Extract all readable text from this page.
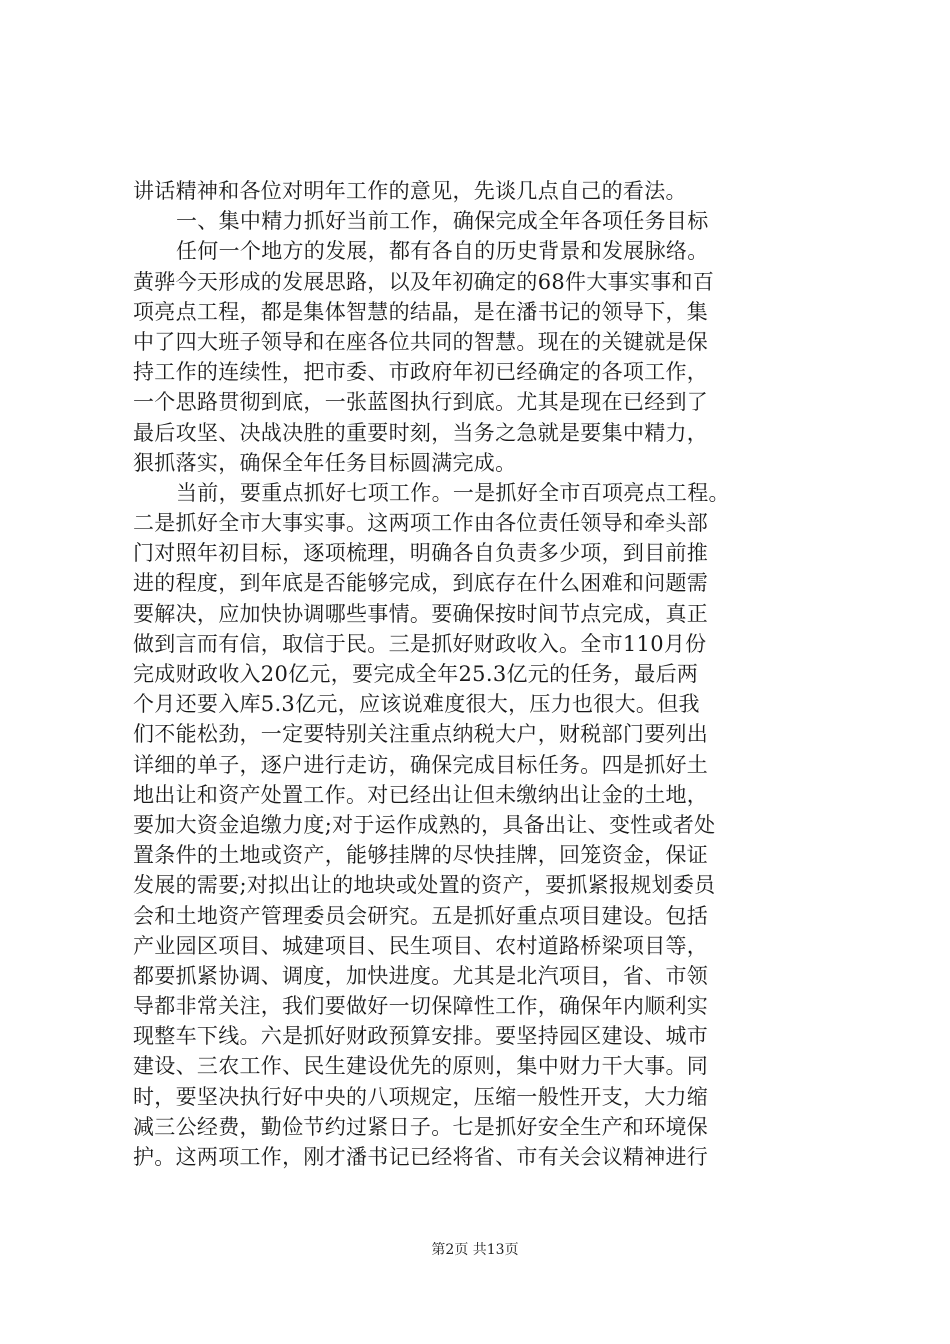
讲话精神和各位对明年工作的意见，先谈几点自己的看法。
一、集中精力抓好当前工作，确保完成全年各项任务目标
任何一个地方的发展，都有各自的历史背景和发展脉络。
黄骅今天形成的发展思路，以及年初确定的68件大事实事和百
项亮点工程，都是集体智慧的结晶，是在潘书记的领导下，集
中了四大班子领导和在座各位共同的智慧。现在的关键就是保
持工作的连续性，把市委、市政府年初已经确定的各项工作，
一个思路贯彻到底，一张蓝图执行到底。尤其是现在已经到了
最后攻坚、决战决胜的重要时刻，当务之急就是要集中精力，
狠抓落实，确保全年任务目标圆满完成。
当前，要重点抓好七项工作。一是抓好全市百项亮点工程。
二是抓好全市大事实事。这两项工作由各位责任领导和牵头部
门对照年初目标，逐项梳理，明确各自负责多少项，到目前推
进的程度，到年底是否能够完成，到底存在什么困难和问题需
要解决，应加快协调哪些事情。要确保按时间节点完成，真正
做到言而有信，取信于民。三是抓好财政收入。全市110月份
完成财政收入20亿元，要完成全年25.3亿元的任务，最后两
个月还要入库5.3亿元，应该说难度很大，压力也很大。但我
们不能松劲，一定要特别关注重点纳税大户，财税部门要列出
详细的单子，逐户进行走访，确保完成目标任务。四是抓好土
地出让和资产处置工作。对已经出让但未缴纳出让金的土地，
要加大资金追缴力度;对于运作成熟的，具备出让、变性或者处
置条件的土地或资产，能够挂牌的尽快挂牌，回笼资金，保证
发展的需要;对拟出让的地块或处置的资产，要抓紧报规划委员
会和土地资产管理委员会研究。五是抓好重点项目建设。包括
产业园区项目、城建项目、民生项目、农村道路桥梁项目等，
都要抓紧协调、调度，加快进度。尤其是北汽项目，省、市领
导都非常关注，我们要做好一切保障性工作，确保年内顺利实
现整车下线。六是抓好财政预算安排。要坚持园区建设、城市
建设、三农工作、民生建设优先的原则，集中财力干大事。同
时，要坚决执行好中央的八项规定，压缩一般性开支，大力缩
减三公经费，勤俭节约过紧日子。七是抓好安全生产和环境保
护。这两项工作，刚才潘书记已经将省、市有关会议精神进行
第2页 共13页
